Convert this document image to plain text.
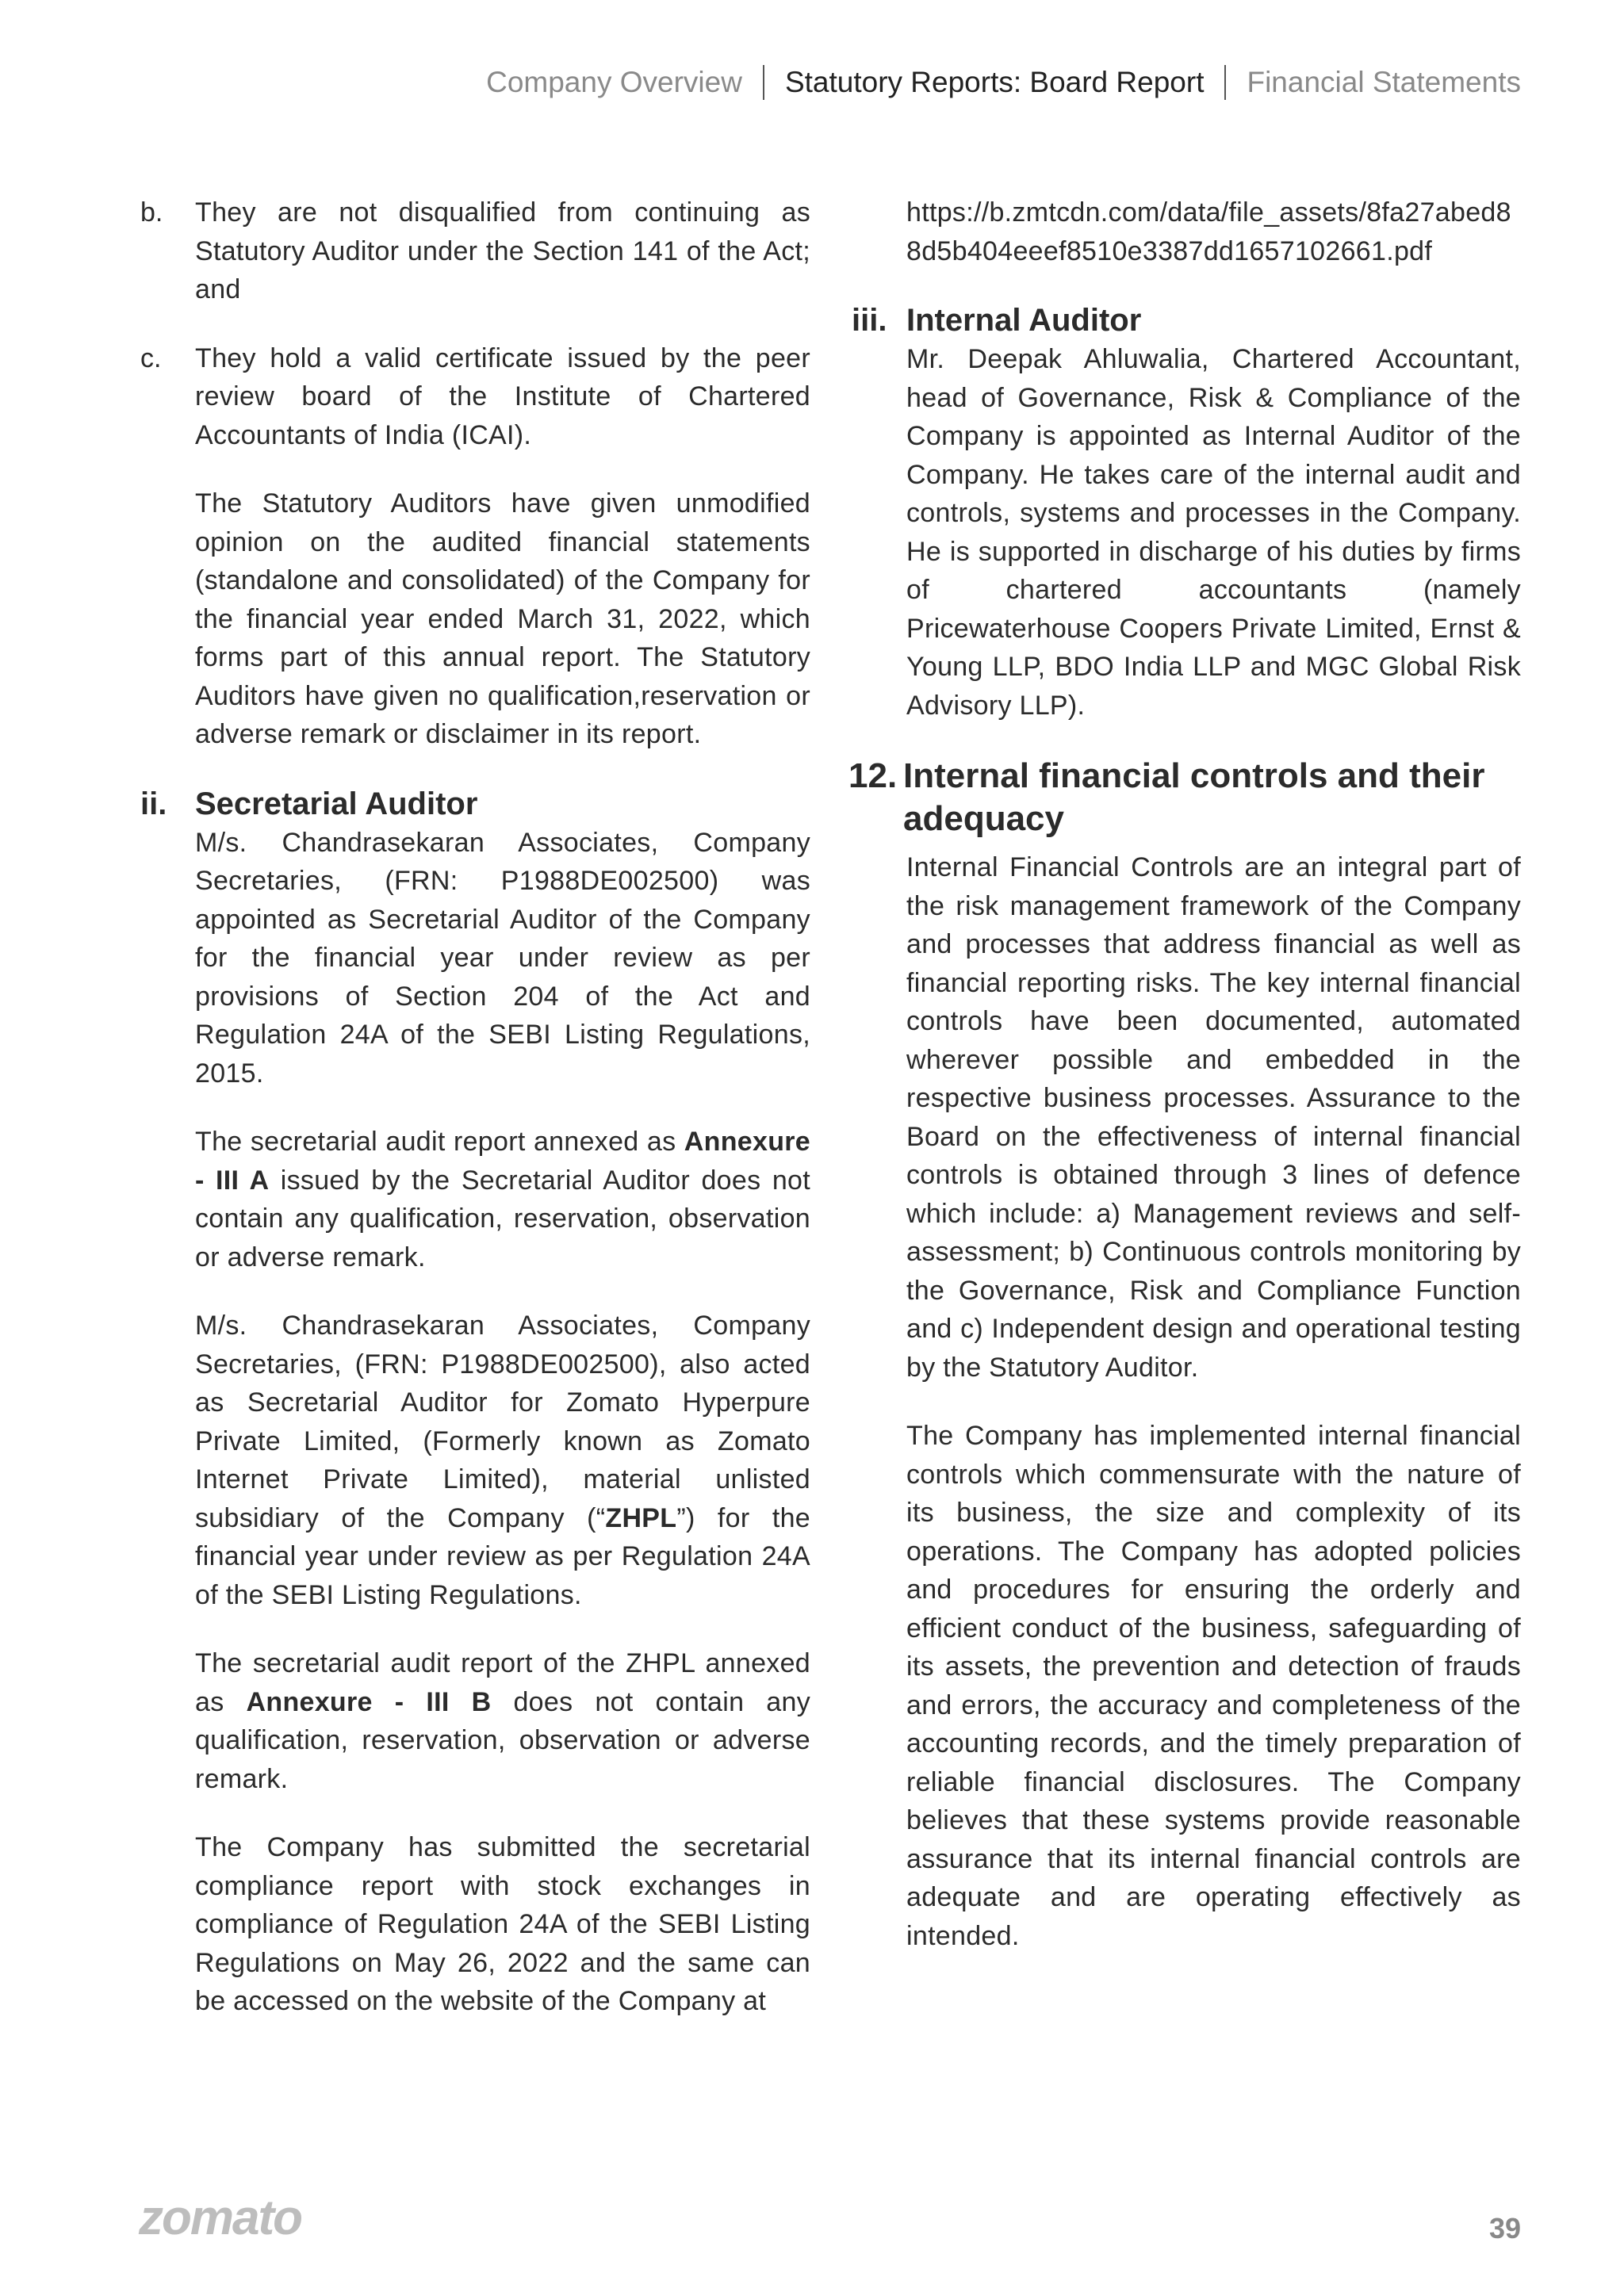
Company Overview Statutory Reports: Board Report Financial Statements
b.	They are not disqualified from continuing as Statutory Auditor under the Section 141 of the Act; and

c.	They hold a valid certificate issued by the peer review board of the Institute of Chartered Accountants of India (ICAI).

The Statutory Auditors have given unmodified opinion on the audited financial statements (standalone and consolidated) of the Company for the financial year ended March 31, 2022, which forms part of this annual report. The Statutory Auditors have given no qualification,reservation or adverse remark or disclaimer in its report.

ii. Secretarial Auditor

M/s. Chandrasekaran Associates, Company Secretaries, (FRN: P1988DE002500) was appointed as Secretarial Auditor of the Company for the financial year under review as per provisions of Section 204 of the Act and Regulation 24A of the SEBI Listing Regulations, 2015.

The secretarial audit report annexed as Annexure - III A issued by the Secretarial Auditor does not contain any qualification, reservation, observation or adverse remark.

M/s. Chandrasekaran Associates, Company Secretaries, (FRN: P1988DE002500), also acted as Secretarial Auditor for Zomato Hyperpure Private Limited, (Formerly known as Zomato Internet Private Limited), material unlisted subsidiary of the Company (“ZHPL”) for the financial year under review as per Regulation 24A of the SEBI Listing Regulations.

The secretarial audit report of the ZHPL annexed as Annexure - III B does not contain any qualification, reservation, observation or adverse remark.

The Company has submitted the secretarial compliance report with stock exchanges in compliance of Regulation 24A of the SEBI Listing Regulations on May 26, 2022 and the same can be accessed on the website of the Company at

https://b.zmtcdn.com/data/file_assets/8fa27abed88d5b404eeef8510e3387dd1657102661.pdf

iii. Internal Auditor

Mr. Deepak Ahluwalia, Chartered Accountant, head of Governance, Risk & Compliance of the Company is appointed as Internal Auditor of the Company. He takes care of the internal audit and controls, systems and processes in the Company. He is supported in discharge of his duties by firms of chartered accountants (namely Pricewaterhouse Coopers Private Limited, Ernst & Young LLP, BDO India LLP and MGC Global Risk Advisory LLP).

12. Internal financial controls and their adequacy

Internal Financial Controls are an integral part of the risk management framework of the Company and processes that address financial as well as financial reporting risks. The key internal financial controls have been documented, automated wherever possible and embedded in the respective business processes. Assurance to the Board on the effectiveness of internal financial controls is obtained through 3 lines of defence which include: a) Management reviews and self-assessment; b) Continuous controls monitoring by the Governance, Risk and Compliance Function and c) Independent design and operational testing by the Statutory Auditor.

The Company has implemented internal financial controls which commensurate with the nature of its business, the size and complexity of its operations. The Company has adopted policies and procedures for ensuring the orderly and efficient conduct of the business, safeguarding of its assets, the prevention and detection of frauds and errors, the accuracy and completeness of the accounting records, and the timely preparation of reliable financial disclosures. The Company believes that these systems provide reasonable assurance that its internal financial controls are adequate and are operating effectively as intended.

zomato	39
